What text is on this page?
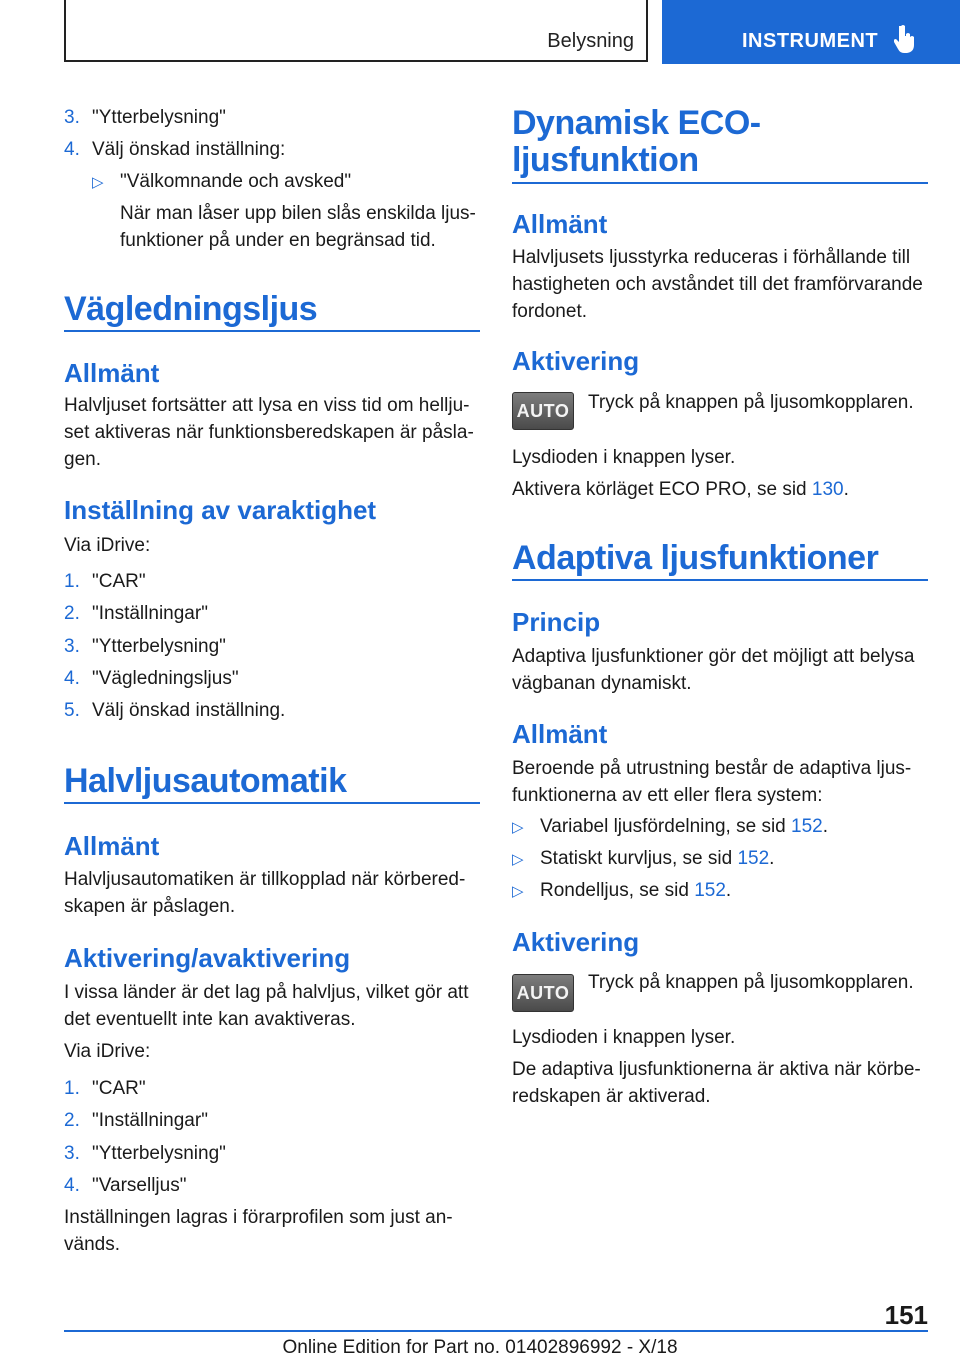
Belysning	INSTRUMENT
3. "Ytterbelysning"
4. Välj önskad inställning:
▷ "Välkomnande och avsked"
När man låser upp bilen slås enskilda ljus-
funktioner på under en begränsad tid.
Vägledningsljus
Allmänt
Halvljuset fortsätter att lysa en viss tid om hellju-
set aktiveras när funktionsberedskapen är påsla-
gen.
Inställning av varaktighet
Via iDrive:
1. "CAR"
2. "Inställningar"
3. "Ytterbelysning"
4. "Vägledningsljus"
5. Välj önskad inställning.
Halvljusautomatik
Allmänt
Halvljusautomatiken är tillkopplad när körbered-
skapen är påslagen.
Aktivering/avaktivering
I vissa länder är det lag på halvljus, vilket gör att
det eventuellt inte kan avaktiveras.
Via iDrive:
1. "CAR"
2. "Inställningar"
3. "Ytterbelysning"
4. "Varselljus"
Inställningen lagras i förarprofilen som just an-
vänds.
Dynamisk ECO-
ljusfunktion
Allmänt
Halvljusets ljusstyrka reduceras i förhållande till
hastigheten och avståndet till det framförvarande
fordonet.
Aktivering
AUTO Tryck på knappen på ljusomkopplaren.
Lysdioden i knappen lyser.
Aktivera körläget ECO PRO, se sid 130.
Adaptiva ljusfunktioner
Princip
Adaptiva ljusfunktioner gör det möjligt att belysa
vägbanan dynamiskt.
Allmänt
Beroende på utrustning består de adaptiva ljus-
funktionerna av ett eller flera system:
▷ Variabel ljusfördelning, se sid 152.
▷ Statiskt kurvljus, se sid 152.
▷ Rondelljus, se sid 152.
Aktivering
AUTO Tryck på knappen på ljusomkopplaren.
Lysdioden i knappen lyser.
De adaptiva ljusfunktionerna är aktiva när körbe-
redskapen är aktiverad.
151
Online Edition for Part no. 01402896992 - X/18
